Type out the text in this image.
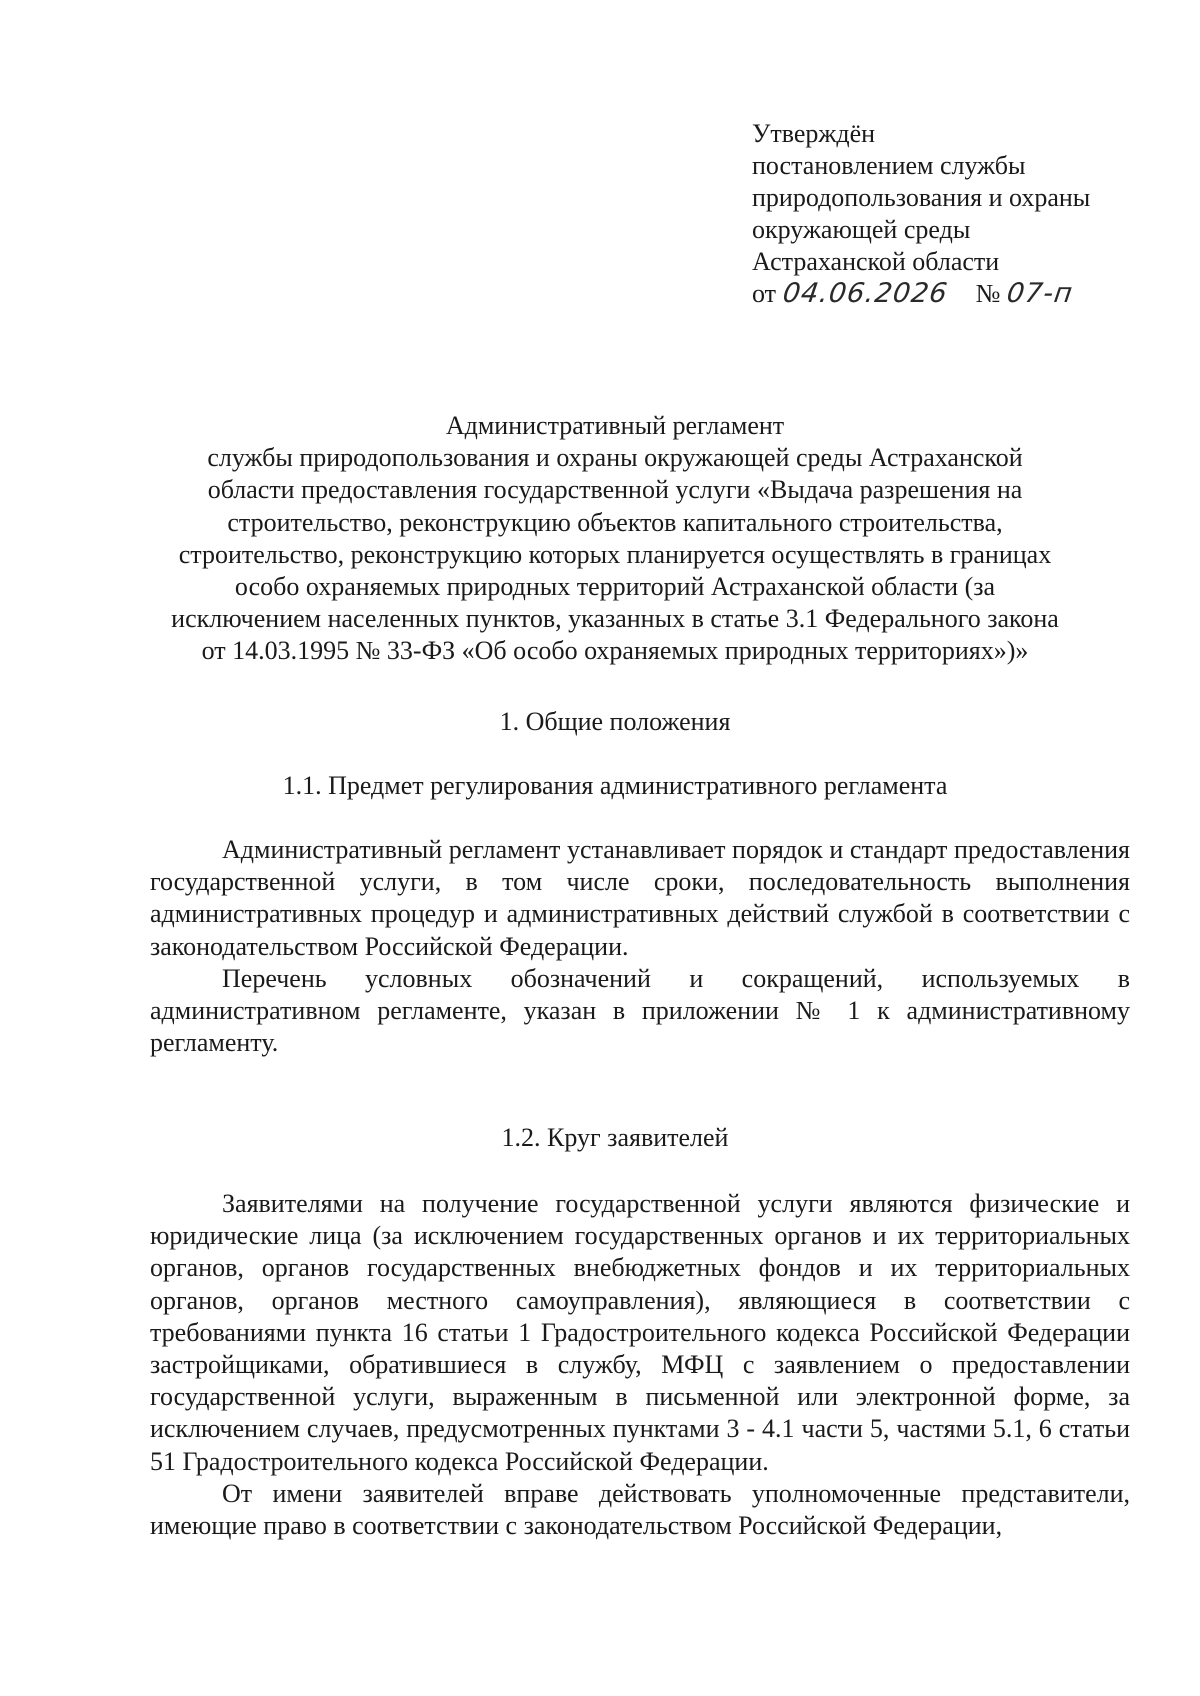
Утверждён
постановлением службы
природопользования и охраны
окружающей среды
Астраханской области
от 04.06.2026 № 07-п
Административный регламент
службы природопользования и охраны окружающей среды Астраханской
области предоставления государственной услуги «Выдача разрешения на
строительство, реконструкцию объектов капитального строительства,
строительство, реконструкцию которых планируется осуществлять в границах
особо охраняемых природных территорий Астраханской области (за
исключением населенных пунктов, указанных в статье 3.1 Федерального закона
от 14.03.1995 № 33-ФЗ «Об особо охраняемых природных территориях»)»
1. Общие положения
1.1. Предмет регулирования административного регламента

Административный регламент устанавливает порядок и стандарт предоставления государственной услуги, в том числе сроки, последовательность выполнения административных процедур и административных действий службой в соответствии с законодательством Российской Федерации.

Перечень условных обозначений и сокращений, используемых в административном регламенте, указан в приложении № 1 к административному регламенту.

1.2. Круг заявителей

Заявителями на получение государственной услуги являются физические и юридические лица (за исключением государственных органов и их территориальных органов, органов государственных внебюджетных фондов и их территориальных органов, органов местного самоуправления), являющиеся в соответствии с требованиями пункта 16 статьи 1 Градостроительного кодекса Российской Федерации застройщиками, обратившиеся в службу, МФЦ с заявлением о предоставлении государственной услуги, выраженным в письменной или электронной форме, за исключением случаев, предусмотренных пунктами 3 - 4.1 части 5, частями 5.1, 6 статьи 51 Градостроительного кодекса Российской Федерации.

От имени заявителей вправе действовать уполномоченные представители, имеющие право в соответствии с законодательством Российской Федерации,
